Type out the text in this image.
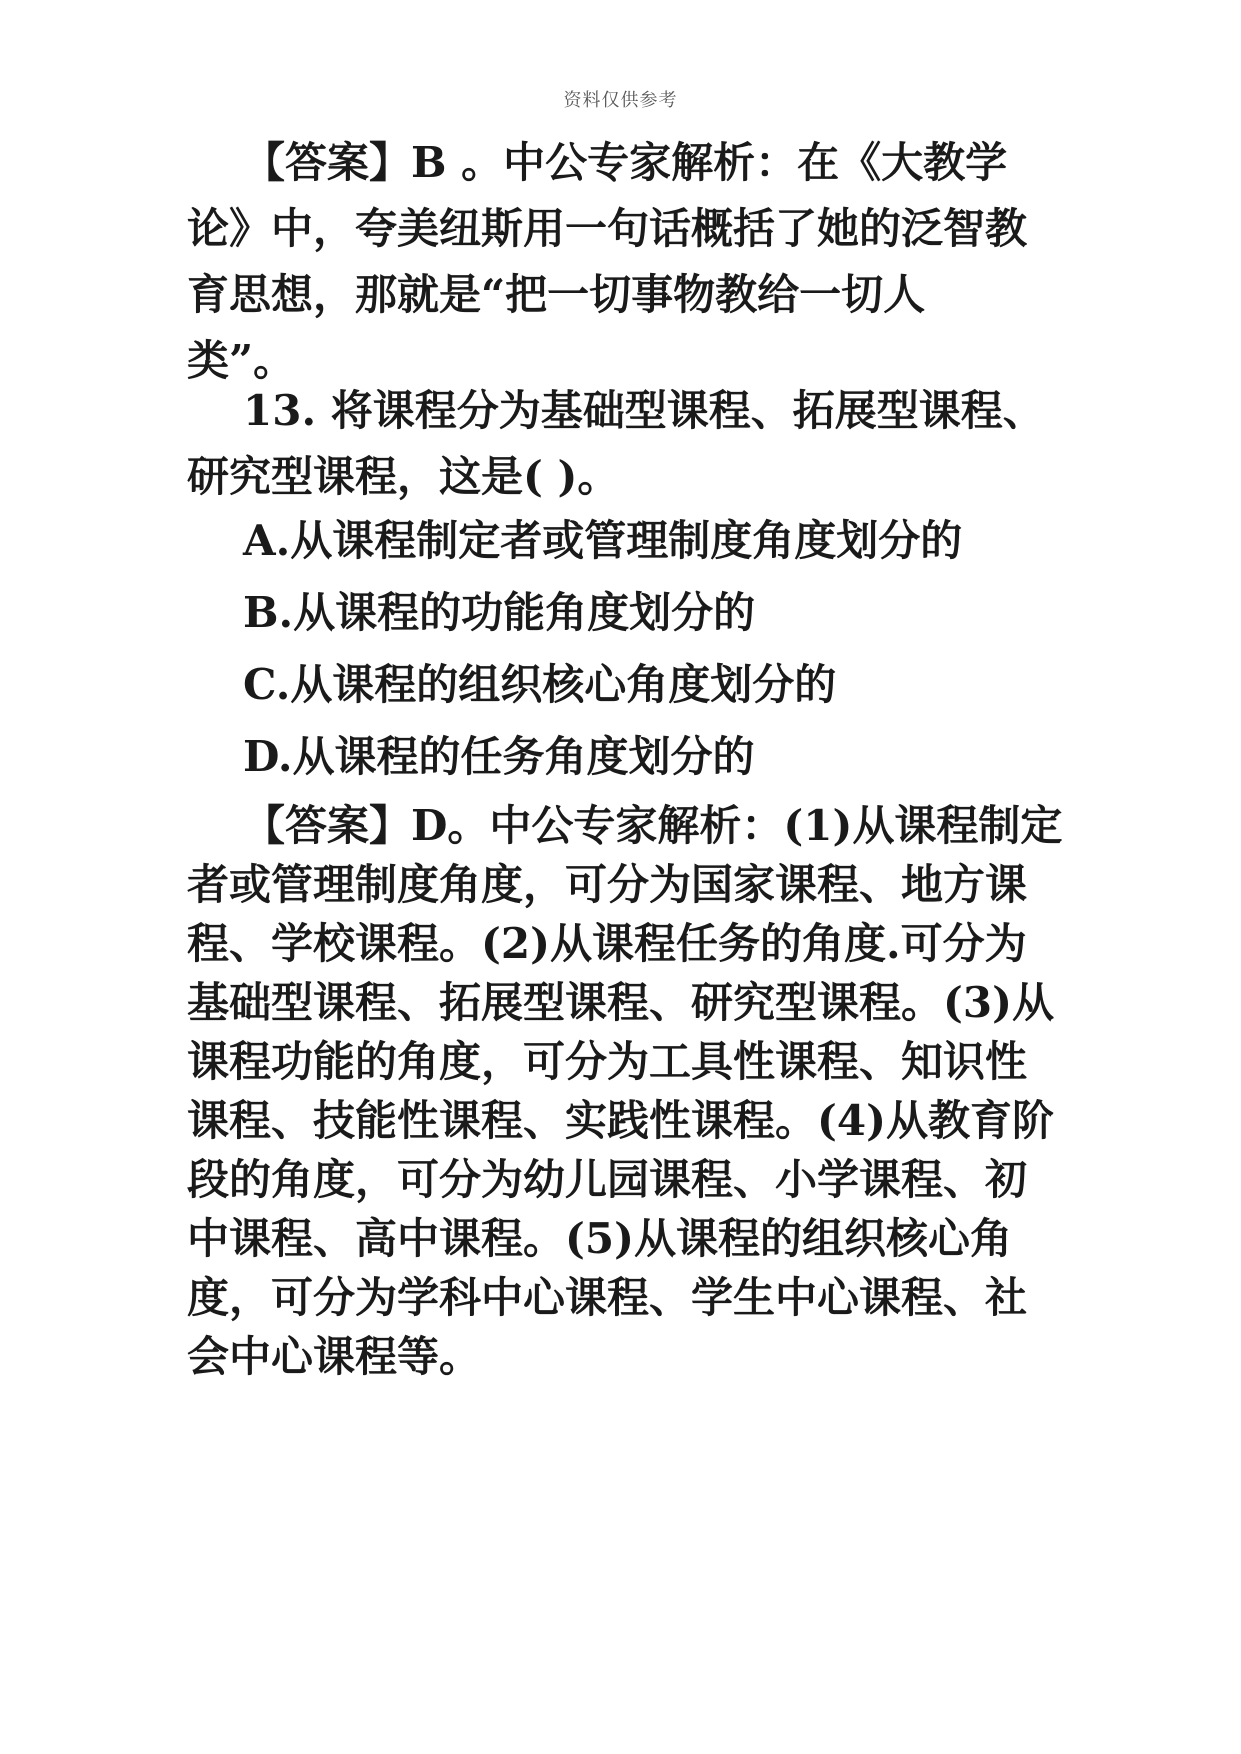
资料仅供参考
【答案】B 。中公专家解析：在《大教学
论》中，夸美纽斯用一句话概括了她的泛智教
育思想，那就是“把一切事物教给一切人
类”。
13. 将课程分为基础型课程、拓展型课程、
研究型课程，这是( )。
A.从课程制定者或管理制度角度划分的
B.从课程的功能角度划分的
C.从课程的组织核心角度划分的
D.从课程的任务角度划分的
【答案】D。中公专家解析：(1)从课程制定
者或管理制度角度，可分为国家课程、地方课
程、学校课程。(2)从课程任务的角度.可分为
基础型课程、拓展型课程、研究型课程。(3)从
课程功能的角度，可分为工具性课程、知识性
课程、技能性课程、实践性课程。(4)从教育阶
段的角度，可分为幼儿园课程、小学课程、初
中课程、高中课程。(5)从课程的组织核心角
度，可分为学科中心课程、学生中心课程、社
会中心课程等。
